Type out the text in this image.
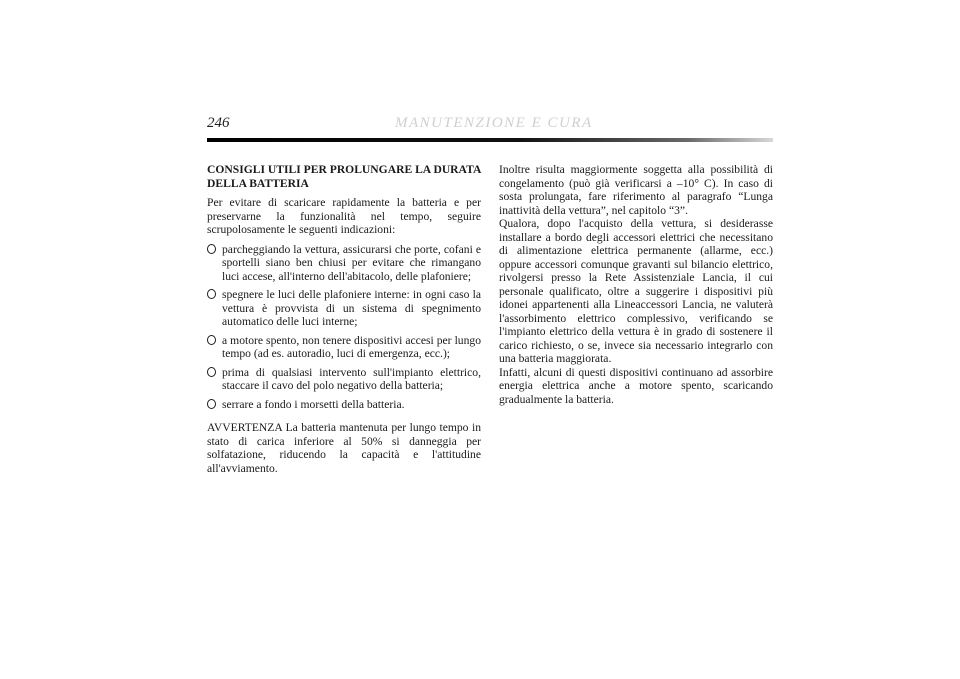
246	MANUTENZIONE E CURA

CONSIGLI UTILI PER PROLUNGARE LA DURATA DELLA BATTERIA

Per evitare di scaricare rapidamente la batteria e per preservarne la funzionalità nel tempo, seguire scrupolosamente le seguenti indicazioni:

parcheggiando la vettura, assicurarsi che porte, cofani e sportelli siano ben chiusi per evitare che rimangano luci accese, all'interno dell'abitacolo, delle plafoniere;
spegnere le luci delle plafoniere interne: in ogni caso la vettura è provvista di un sistema di spegnimento automatico delle luci interne;
a motore spento, non tenere dispositivi accesi per lungo tempo (ad es. autoradio, luci di emergenza, ecc.);
prima di qualsiasi intervento sull'impianto elettrico, staccare il cavo del polo negativo della batteria;
serrare a fondo i morsetti della batteria.

AVVERTENZA La batteria mantenuta per lungo tempo in stato di carica inferiore al 50% si danneggia per solfatazione, riducendo la capacità e l'attitudine all'avviamento.

Inoltre risulta maggiormente soggetta alla possibilità di congelamento (può già verificarsi a –10° C). In caso di sosta prolungata, fare riferimento al paragrafo “Lunga inattività della vettura”, nel capitolo “3”.

Qualora, dopo l'acquisto della vettura, si desiderasse installare a bordo degli accessori elettrici che necessitano di alimentazione elettrica permanente (allarme, ecc.) oppure accessori comunque gravanti sul bilancio elettrico, rivolgersi presso la Rete Assistenziale Lancia, il cui personale qualificato, oltre a suggerire i dispositivi più idonei appartenenti alla Lineaccessori Lancia, ne valuterà l'assorbimento elettrico complessivo, verificando se l'impianto elettrico della vettura è in grado di sostenere il carico richiesto, o se, invece sia necessario integrarlo con una batteria maggiorata.

Infatti, alcuni di questi dispositivi continuano ad assorbire energia elettrica anche a motore spento, scaricando gradualmente la batteria.
